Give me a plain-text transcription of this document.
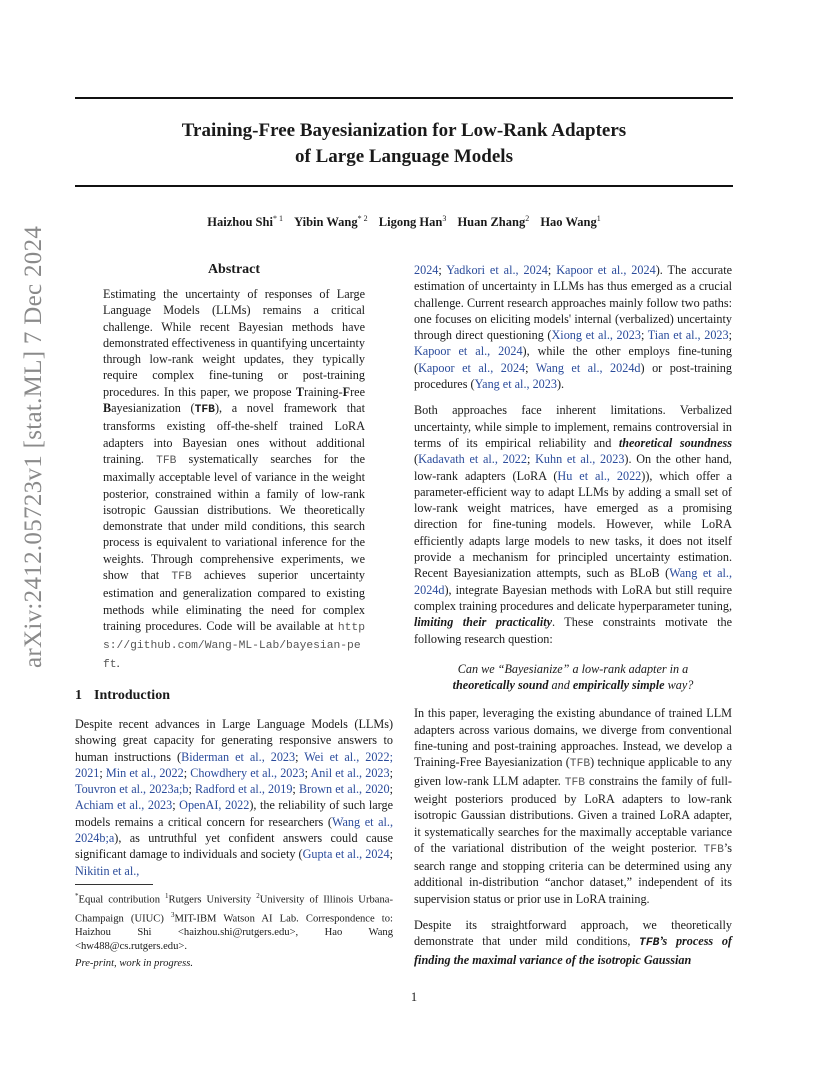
arXiv:2412.05723v1 [stat.ML] 7 Dec 2024
Training-Free Bayesianization for Low-Rank Adapters
of Large Language Models
Haizhou Shi$^{* 1}$ Yibin Wang$^{* 2}$ Ligong Han$^3$ Huan Zhang$^2$ Hao Wang$^1$
Abstract

Estimating the uncertainty of responses of Large Language Models (LLMs) remains a critical challenge. While recent Bayesian methods have demonstrated effectiveness in quantifying uncertainty through low-rank weight updates, they typically require complex fine-tuning or post-training procedures. In this paper, we propose Training-Free Bayesianization (TFB), a novel framework that transforms existing off-the-shelf trained LoRA adapters into Bayesian ones without additional training. TFB systematically searches for the maximally acceptable level of variance in the weight posterior, constrained within a family of low-rank isotropic Gaussian distributions. We theoretically demonstrate that under mild conditions, this search process is equivalent to variational inference for the weights. Through comprehensive experiments, we show that TFB achieves superior uncertainty estimation and generalization compared to existing methods while eliminating the need for complex training procedures. Code will be available at https://github.com/Wang-ML-Lab/bayesian-peft.

1 Introduction

Despite recent advances in Large Language Models (LLMs) showing great capacity for generating responsive answers to human instructions (Biderman et al., 2023; Wei et al., 2022; 2021; Min et al., 2022; Chowdhery et al., 2023; Anil et al., 2023; Touvron et al., 2023a;b; Radford et al., 2019; Brown et al., 2020; Achiam et al., 2023; OpenAI, 2022), the reliability of such large models remains a critical concern for researchers (Wang et al., 2024b;a), as untruthful yet confident answers could cause significant damage to individuals and society (Gupta et al., 2024; Nikitin et al.,

*Equal contribution $^1$Rutgers University $^2$University of Illinois Urbana-Champaign (UIUC) $^3$MIT-IBM Watson AI Lab. Correspondence to: Haizhou Shi <haizhou.shi@rutgers.edu>, Hao Wang <hw488@cs.rutgers.edu>.
Pre-print, work in progress.

2024; Yadkori et al., 2024; Kapoor et al., 2024). The accurate estimation of uncertainty in LLMs has thus emerged as a crucial challenge. Current research approaches mainly follow two paths: one focuses on eliciting models' internal (verbalized) uncertainty through direct questioning (Xiong et al., 2023; Tian et al., 2023; Kapoor et al., 2024), while the other employs fine-tuning (Kapoor et al., 2024; Wang et al., 2024d) or post-training procedures (Yang et al., 2023).

Both approaches face inherent limitations. Verbalized uncertainty, while simple to implement, remains controversial in terms of its empirical reliability and theoretical soundness (Kadavath et al., 2022; Kuhn et al., 2023). On the other hand, low-rank adapters (LoRA (Hu et al., 2022)), which offer a parameter-efficient way to adapt LLMs by adding a small set of low-rank weight matrices, have emerged as a promising direction for fine-tuning models. However, while LoRA efficiently adapts large models to new tasks, it does not itself provide a mechanism for principled uncertainty estimation. Recent Bayesianization attempts, such as BLoB (Wang et al., 2024d), integrate Bayesian methods with LoRA but still require complex training procedures and delicate hyperparameter tuning, limiting their practicality. These constraints motivate the following research question:

Can we “Bayesianize” a low-rank adapter in a
theoretically sound and empirically simple way?

In this paper, leveraging the existing abundance of trained LLM adapters across various domains, we diverge from conventional fine-tuning and post-training approaches. Instead, we develop a Training-Free Bayesianization (TFB) technique applicable to any given low-rank LLM adapter. TFB constrains the family of full-weight posteriors produced by LoRA adapters to low-rank isotropic Gaussian distributions. Given a trained LoRA adapter, it systematically searches for the maximally acceptable variance of the variational distribution of the weight posterior. TFB’s search range and stopping criteria can be determined using any additional in-distribution “anchor dataset,” independent of its supervision status or prior use in LoRA training.

Despite its straightforward approach, we theoretically demonstrate that under mild conditions, TFB’s process of finding the maximal variance of the isotropic Gaussian

1
